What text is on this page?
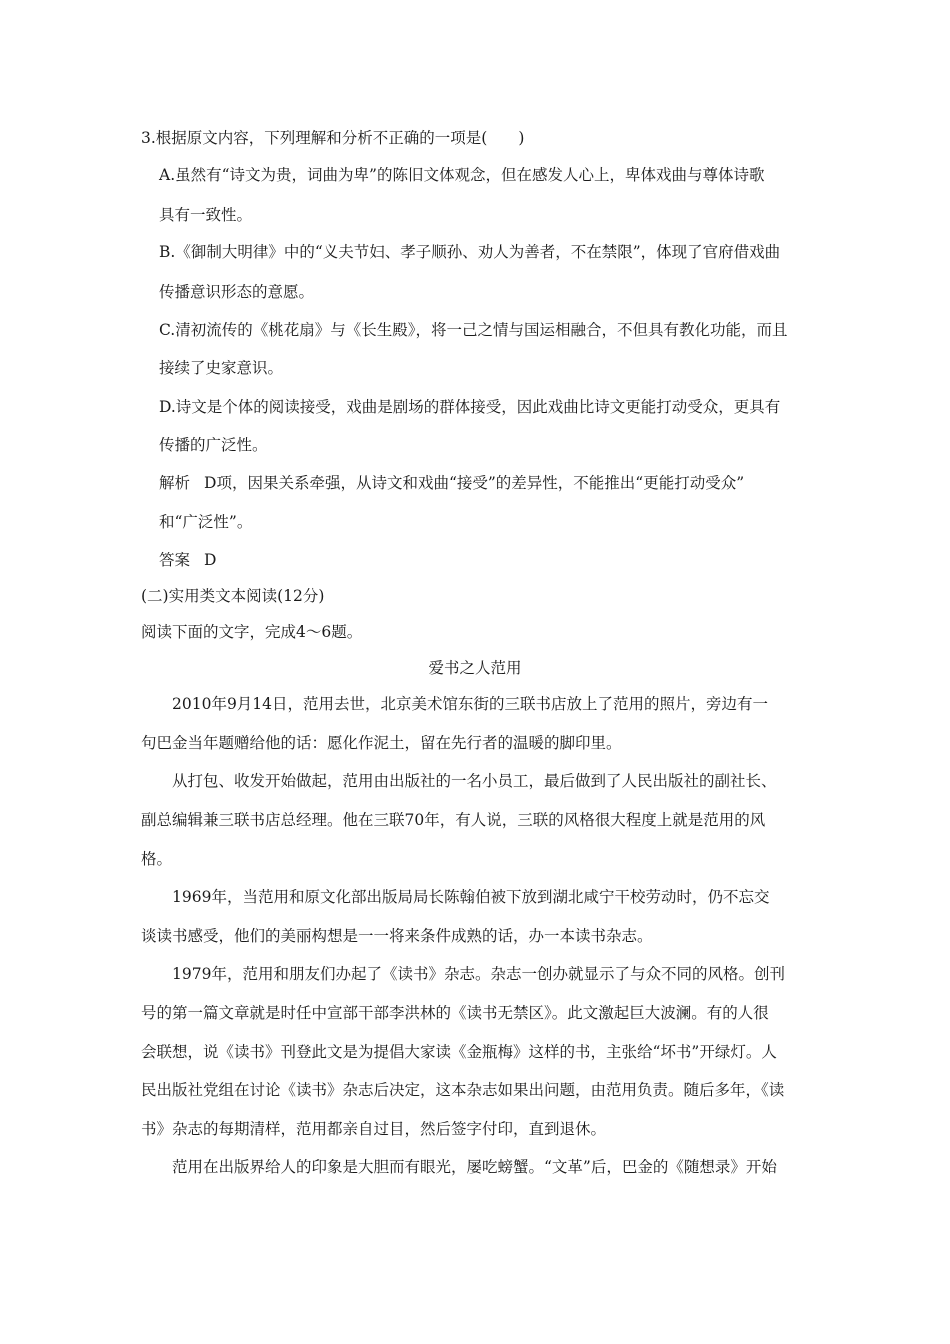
3.根据原文内容，下列理解和分析不正确的一项是(　　)
A.虽然有“诗文为贵，词曲为卑”的陈旧文体观念，但在感发人心上，卑体戏曲与尊体诗歌
具有一致性。
B.《御制大明律》中的“义夫节妇、孝子顺孙、劝人为善者，不在禁限”，体现了官府借戏曲
传播意识形态的意愿。
C.清初流传的《桃花扇》与《长生殿》，将一己之情与国运相融合，不但具有教化功能，而且
接续了史家意识。
D.诗文是个体的阅读接受，戏曲是剧场的群体接受，因此戏曲比诗文更能打动受众，更具有
传播的广泛性。
解析 D项，因果关系牵强，从诗文和戏曲“接受”的差异性，不能推出“更能打动受众”
和“广泛性”。
答案 D
(二)实用类文本阅读(12分)
阅读下面的文字，完成4～6题。
爱书之人范用
2010年9月14日，范用去世，北京美术馆东街的三联书店放上了范用的照片，旁边有一
句巴金当年题赠给他的话：愿化作泥土，留在先行者的温暖的脚印里。
从打包、收发开始做起，范用由出版社的一名小员工，最后做到了人民出版社的副社长、
副总编辑兼三联书店总经理。他在三联70年，有人说，三联的风格很大程度上就是范用的风
格。
1969年，当范用和原文化部出版局局长陈翰伯被下放到湖北咸宁干校劳动时，仍不忘交
谈读书感受，他们的美丽构想是一一将来条件成熟的话，办一本读书杂志。
1979年，范用和朋友们办起了《读书》杂志。杂志一创办就显示了与众不同的风格。创刊
号的第一篇文章就是时任中宣部干部李洪林的《读书无禁区》。此文激起巨大波澜。有的人很
会联想，说《读书》刊登此文是为提倡大家读《金瓶梅》这样的书，主张给“坏书”开绿灯。人
民出版社党组在讨论《读书》杂志后决定，这本杂志如果出问题，由范用负责。随后多年，《读
书》杂志的每期清样，范用都亲自过目，然后签字付印，直到退休。
范用在出版界给人的印象是大胆而有眼光，屡吃螃蟹。“文革”后，巴金的《随想录》开始
